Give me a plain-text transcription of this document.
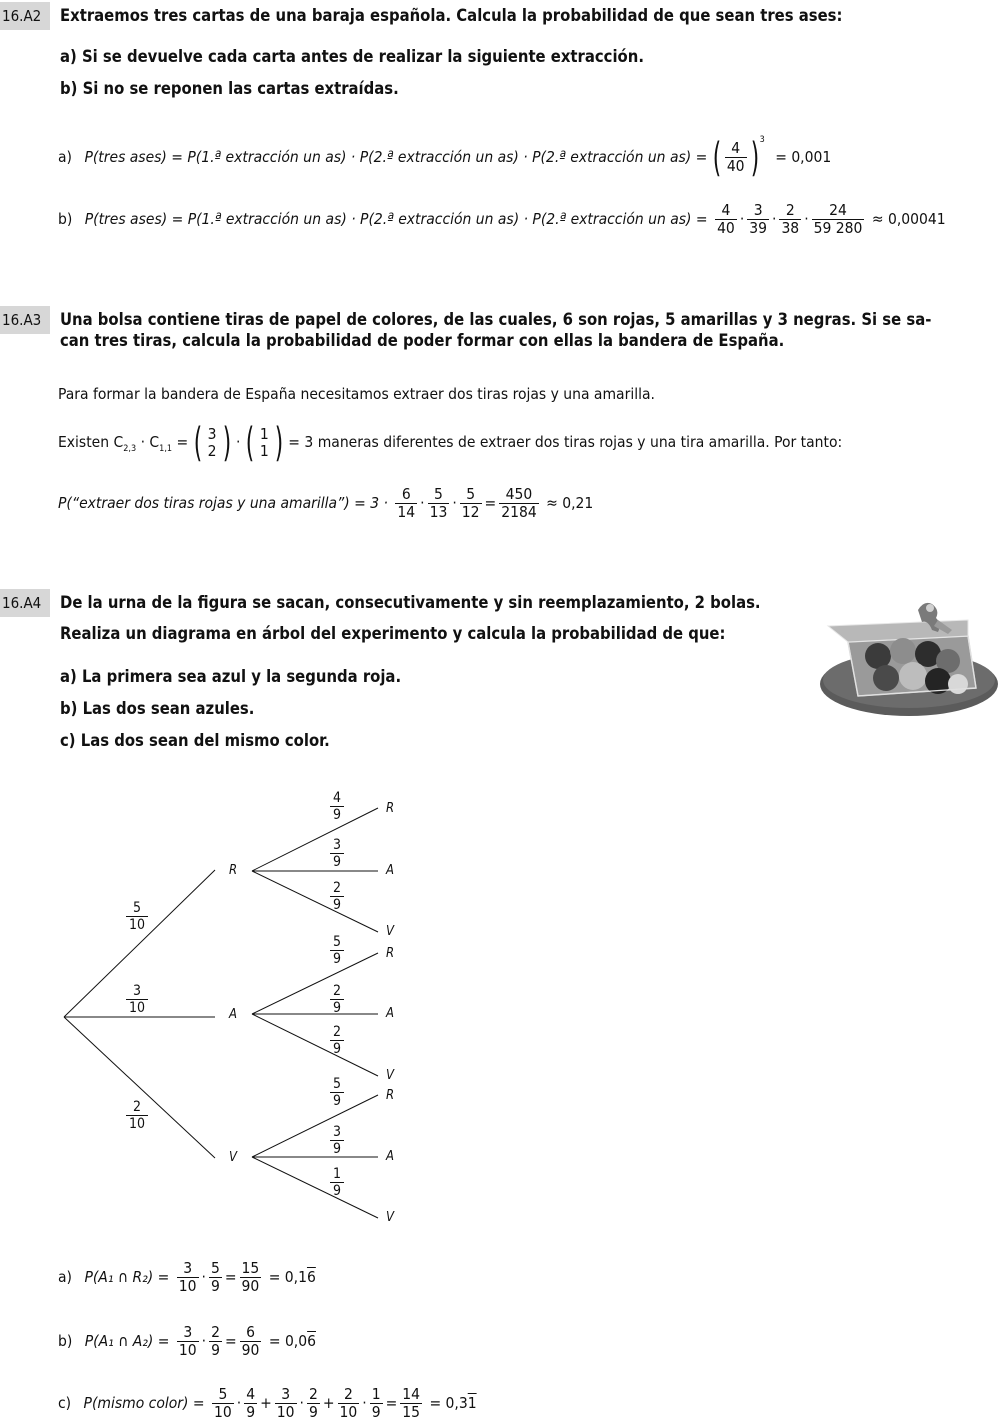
16.A2	Extraemos tres cartas de una baraja española. Calcula la probabilidad de que sean tres ases:
a) Si se devuelve cada carta antes de realizar la siguiente extracción.
b) Si no se reponen las cartas extraídas.
a) P(tres ases) = P(1.ª extracción un as) · P(2.ª extracción un as) · P(2.ª extracción un as) = ( $\frac{4}{40} )^3 = 0,001$
b) P(tres ases) = P(1.ª extracción un as) · P(2.ª extracción un as) · P(2.ª extracción un $as) = \frac{4}{40} \cdot \frac{3}{39} \cdot \frac{2}{38} \cdot \frac{24}{59 280} \approx 0,00041$
16.A3	Una bolsa contiene tiras de papel de colores, de las cuales, 6 son rojas, 5 amarillas y 3 negras. Si se sa-
can tres tiras, calcula la probabilidad de poder formar con ellas la bandera de España.
Para formar la bandera de España necesitamos extraer dos tiras rojas y una amarilla.
Existen $C_{2,3} \cdot C_{1,1}$ = ( 3
2 ) · ( 1
1 ) = 3 maneras diferentes de extraer dos tiras rojas y una tira amarilla. Por tanto:
P(“extraer dos tiras rojas y una amarilla”) = $3 \cdot \frac{6}{14} \cdot \frac{5}{13} \cdot \frac{5}{12} = \frac{450}{2184} \approx 0,21$
16.A4	De la urna de la figura se sacan, consecutivamente y sin reemplazamiento, 2 bolas.
Realiza un diagrama en árbol del experimento y calcula la probabilidad de que:
a) La primera sea azul y la segunda roja.
b) Las dos sean azules.
c) Las dos sean del mismo color.
R
A
V
5
10
3
10
2
10
R
A
V
4
9
3
9
2
9
R
A
V
5
9
2
9
2
9
R
A
V
5
9
3
9
1
9
a) P(A₁ ∩ $R_2) = \frac{3}{10} \cdot \frac{5}{9} = \frac{15}{90} = 0,16$
b) P(A₁ ∩ $A_2) = \frac{3}{10} \cdot \frac{2}{9} = \frac{6}{90} = 0,06$
c) P(mismo color) = $\frac{5}{10} \cdot \frac{4}{9} + \frac{3}{10} \cdot \frac{2}{9} + \frac{2}{10} \cdot \frac{1}{9} = \frac{14}{15} = 0,31$
